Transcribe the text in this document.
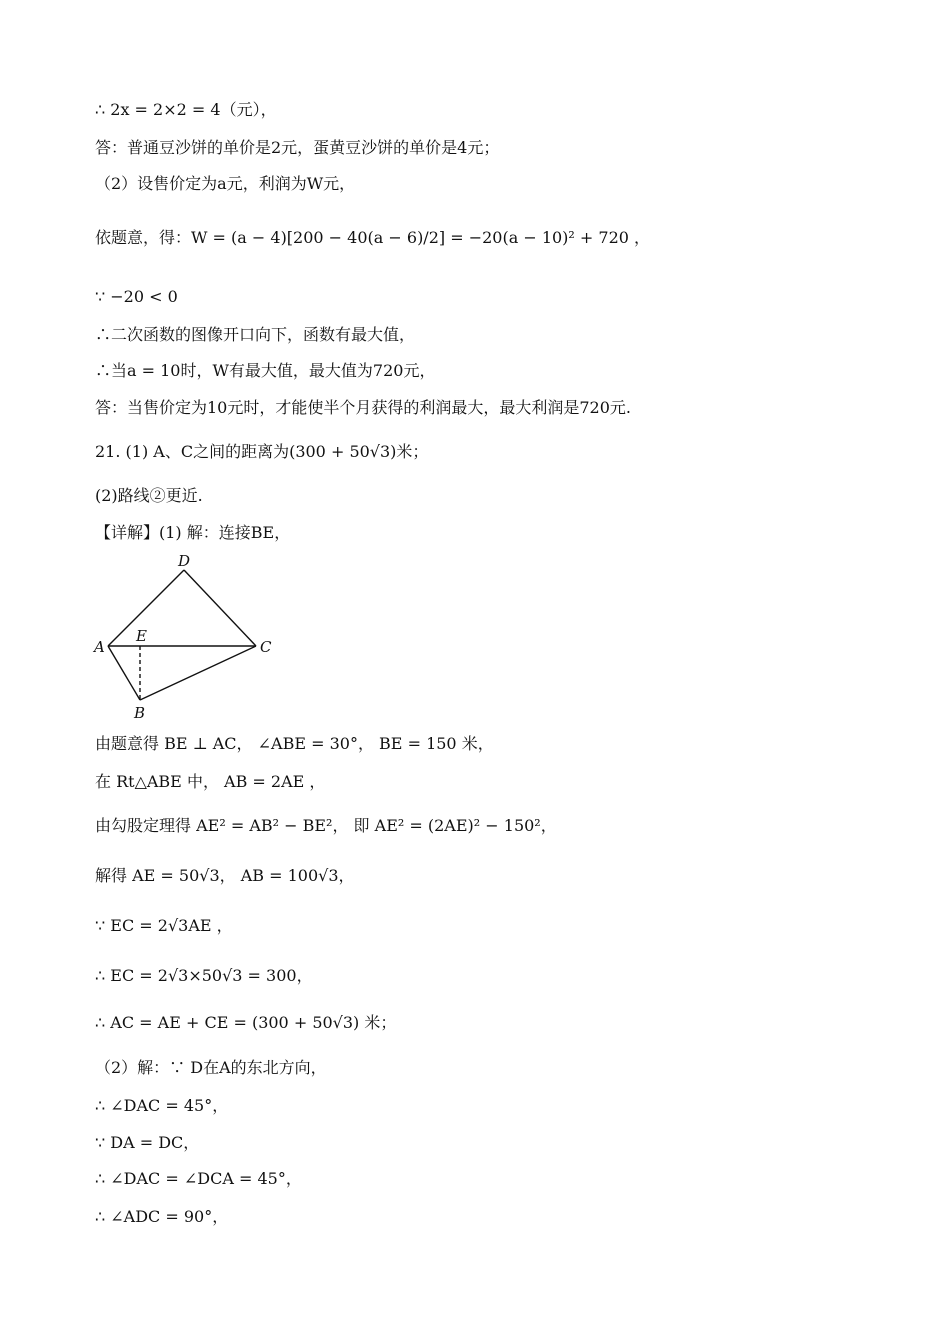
∴ 2x = 2×2 = 4（元），
答：普通豆沙饼的单价是2元，蛋黄豆沙饼的单价是4元；
（2）设售价定为a元，利润为W元，
依题意，得：W = (a − 4)[200 − 40(a − 6)/2] = −20(a − 10)² + 720 ，
∵ −20 < 0
∴二次函数的图像开口向下，函数有最大值，
∴当a = 10时，W有最大值，最大值为720元，
答：当售价定为10元时，才能使半个月获得的利润最大，最大利润是720元.
21. (1) A、C之间的距离为(300 + 50√3)米；
(2)路线②更近.
【详解】(1) 解：连接BE，
D
A
E
C
B
由题意得 BE ⊥ AC， ∠ABE = 30°， BE = 150 米，
在 Rt△ABE 中， AB = 2AE ，
由勾股定理得 AE² = AB² − BE²， 即 AE² = (2AE)² − 150²，
解得 AE = 50√3， AB = 100√3，
∵ EC = 2√3AE ，
∴ EC = 2√3×50√3 = 300，
∴ AC = AE + CE = (300 + 50√3) 米；
（2）解：∵ D在A的东北方向，
∴ ∠DAC = 45°，
∵ DA = DC，
∴ ∠DAC = ∠DCA = 45°，
∴ ∠ADC = 90°，
